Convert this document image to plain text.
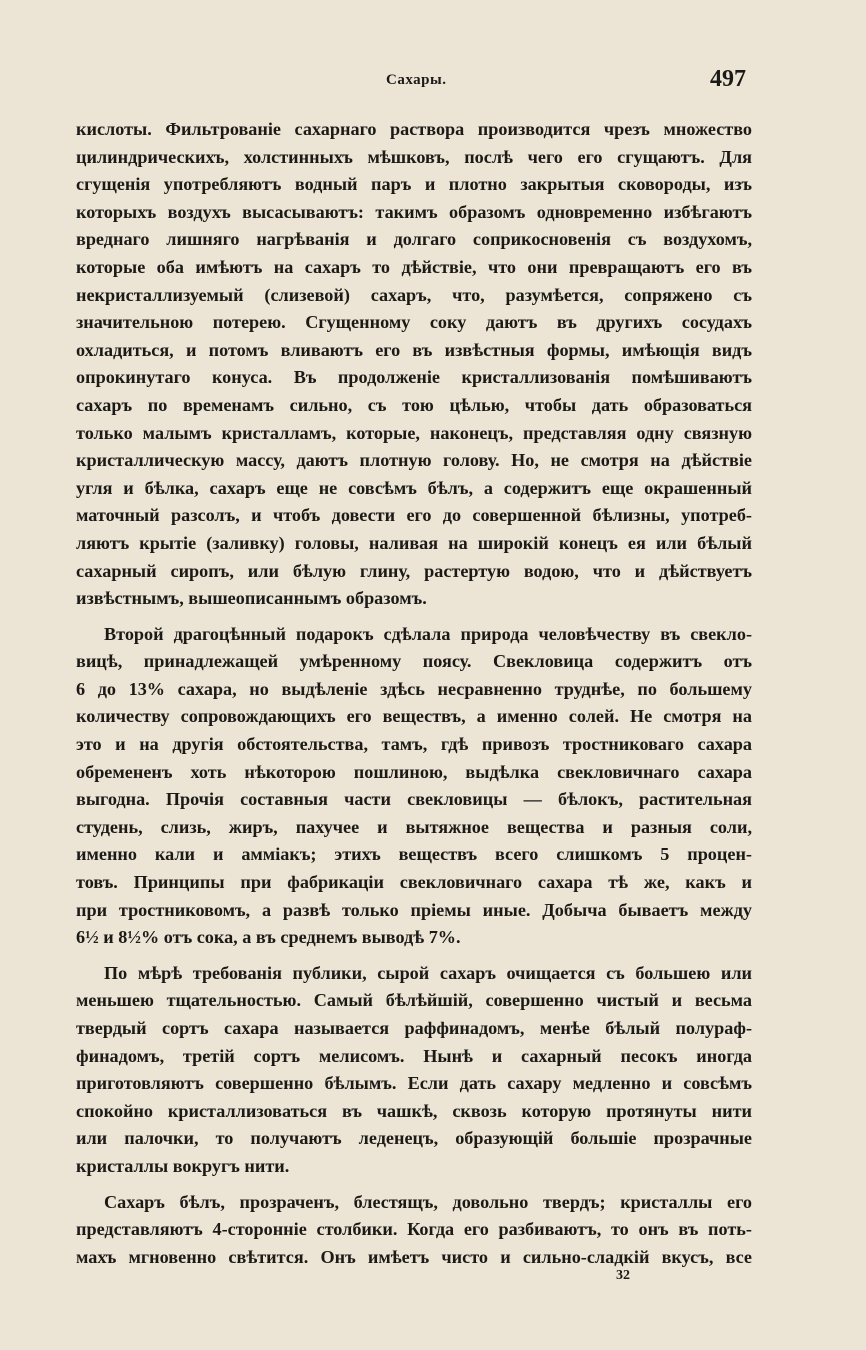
Сахары.	497
кислоты. Фильтрованіе сахарнаго раствора производится чрезъ множество
цилиндрическихъ, холстинныхъ мѣшковъ, послѣ чего его сгущаютъ. Для
сгущенія употребляютъ водный паръ и плотно закрытыя сковороды, изъ
которыхъ воздухъ высасываютъ: такимъ образомъ одновременно избѣгаютъ
вреднаго лишняго нагрѣванія и долгаго соприкосновенія съ воздухомъ,
которые оба имѣютъ на сахаръ то дѣйствіе, что они превращаютъ его въ
некристаллизуемый (слизевой) сахаръ, что, разумѣется, сопряжено съ
значительною потерею. Сгущенному соку даютъ въ другихъ сосудахъ
охладиться, и потомъ вливаютъ его въ извѣстныя формы, имѣющія видъ
опрокинутаго конуса. Въ продолженіе кристаллизованія помѣшиваютъ
сахаръ по временамъ сильно, съ тою цѣлью, чтобы дать образоваться
только малымъ кристалламъ, которые, наконецъ, представляя одну связную
кристаллическую массу, даютъ плотную голову. Но, не смотря на дѣйствіе
угля и бѣлка, сахаръ еще не совсѣмъ бѣлъ, а содержитъ еще окрашенный
маточный разсолъ, и чтобъ довести его до совершенной бѣлизны, употреб-
ляютъ крытіе (заливку) головы, наливая на широкій конецъ ея или бѣлый
сахарный сиропъ, или бѣлую глину, растертую водою, что и дѣйствуетъ
извѣстнымъ, вышеописаннымъ образомъ.
Второй драгоцѣнный подарокъ сдѣлала природа человѣчеству въ свекло-
вицѣ, принадлежащей умѣренному поясу. Свекловица содержитъ отъ
6 до 13% сахара, но выдѣленіе здѣсь несравненно труднѣе, по большему
количеству сопровождающихъ его веществъ, а именно солей. Не смотря на
это и на другія обстоятельства, тамъ, гдѣ привозъ тростниковаго сахара
обремененъ хоть нѣкоторою пошлиною, выдѣлка свекловичнаго сахара
выгодна. Прочія составныя части свекловицы — бѣлокъ, растительная
студень, слизь, жиръ, пахучее и вытяжное вещества и разныя соли,
именно кали и амміакъ; этихъ веществъ всего слишкомъ 5 процен-
товъ. Принципы при фабрикаціи свекловичнаго сахара тѣ же, какъ и
при тростниковомъ, а развѣ только пріемы иные. Добыча бываетъ между
6½ и 8½% отъ сока, а въ среднемъ выводѣ 7%.
По мѣрѣ требованія публики, сырой сахаръ очищается съ большею или
меньшею тщательностью. Самый бѣлѣйшій, совершенно чистый и весьма
твердый сортъ сахара называется раффинадомъ, менѣе бѣлый полураф-
финадомъ, третій сортъ мелисомъ. Нынѣ и сахарный песокъ иногда
приготовляютъ совершенно бѣлымъ. Если дать сахару медленно и совсѣмъ
спокойно кристаллизоваться въ чашкѣ, сквозь которую протянуты нити
или палочки, то получаютъ леденецъ, образующій большіе прозрачные
кристаллы вокругъ нити.
Сахаръ бѣлъ, прозраченъ, блестящъ, довольно твердъ; кристаллы его
представляютъ 4-сторонніе столбики. Когда его разбиваютъ, то онъ въ поть-
махъ мгновенно свѣтится. Онъ имѣетъ чисто и сильно-сладкій вкусъ, все
32
